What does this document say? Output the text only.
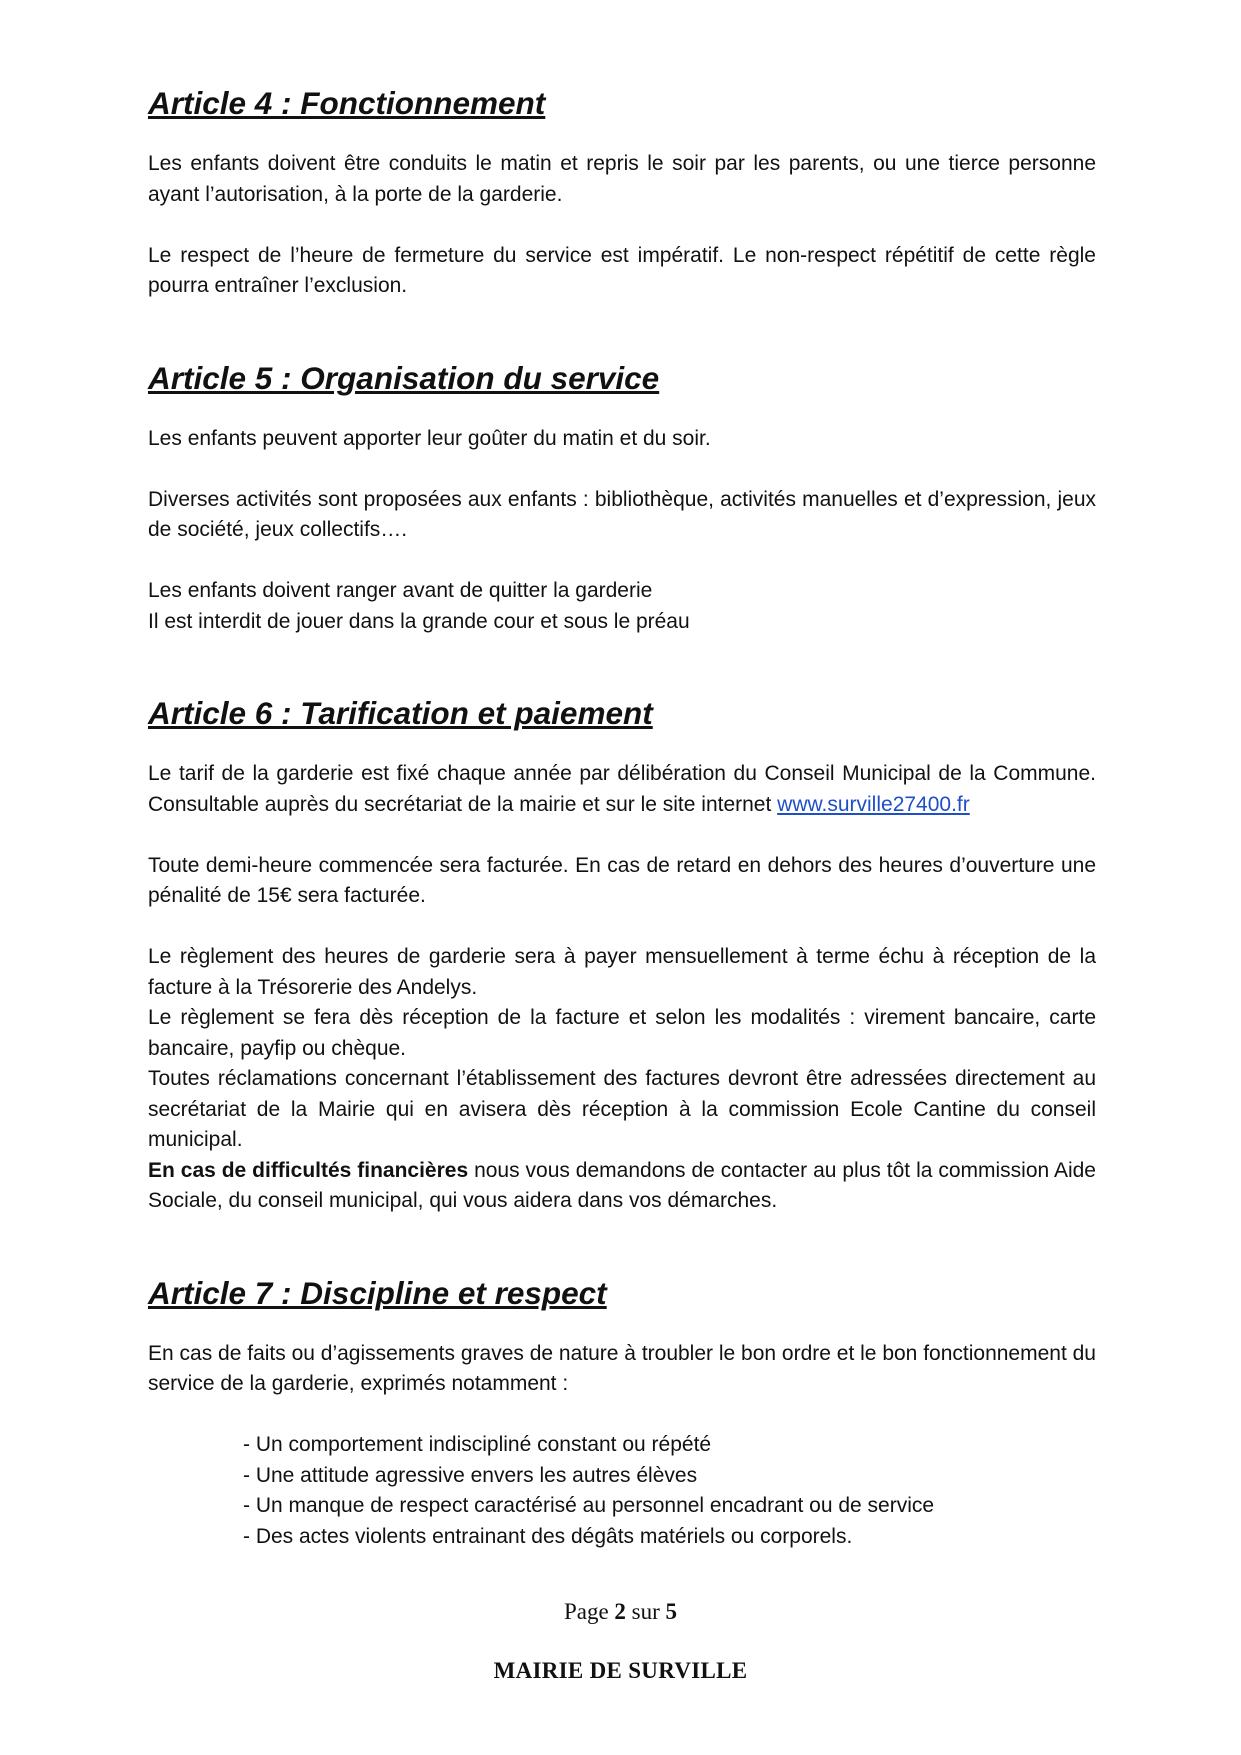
Article 4 : Fonctionnement

Les enfants doivent être conduits le matin et repris le soir par les parents, ou une tierce personne ayant l’autorisation, à la porte de la garderie.

Le respect de l’heure de fermeture du service est impératif. Le non-respect répétitif de cette règle pourra entraîner l’exclusion.

Article 5 : Organisation du service

Les enfants peuvent apporter leur goûter du matin et du soir.

Diverses activités sont proposées aux enfants : bibliothèque, activités manuelles et d’expression, jeux de société, jeux collectifs….

Les enfants doivent ranger avant de quitter la garderie

Il est interdit de jouer dans la grande cour et sous le préau

Article 6 : Tarification et paiement

Le tarif de la garderie est fixé chaque année par délibération du Conseil Municipal de la Commune. Consultable auprès du secrétariat de la mairie et sur le site internet www.surville27400.fr

Toute demi-heure commencée sera facturée. En cas de retard en dehors des heures d’ouverture une pénalité de 15€ sera facturée.

Le règlement des heures de garderie sera à payer mensuellement à terme échu à réception de la facture à la Trésorerie des Andelys.

Le règlement se fera dès réception de la facture et selon les modalités : virement bancaire, carte bancaire, payfip ou chèque.

Toutes réclamations concernant l’établissement des factures devront être adressées directement au secrétariat de la Mairie qui en avisera dès réception à la commission Ecole Cantine du conseil municipal.

En cas de difficultés financières nous vous demandons de contacter au plus tôt la commission Aide Sociale, du conseil municipal, qui vous aidera dans vos démarches.

Article 7 : Discipline et respect

En cas de faits ou d’agissements graves de nature à troubler le bon ordre et le bon fonctionnement du service de la garderie, exprimés notamment :

- Un comportement indiscipliné constant ou répété
- Une attitude agressive envers les autres élèves
- Un manque de respect caractérisé au personnel encadrant ou de service
- Des actes violents entrainant des dégâts matériels ou corporels.
Page 2 sur 5
MAIRIE DE SURVILLE
